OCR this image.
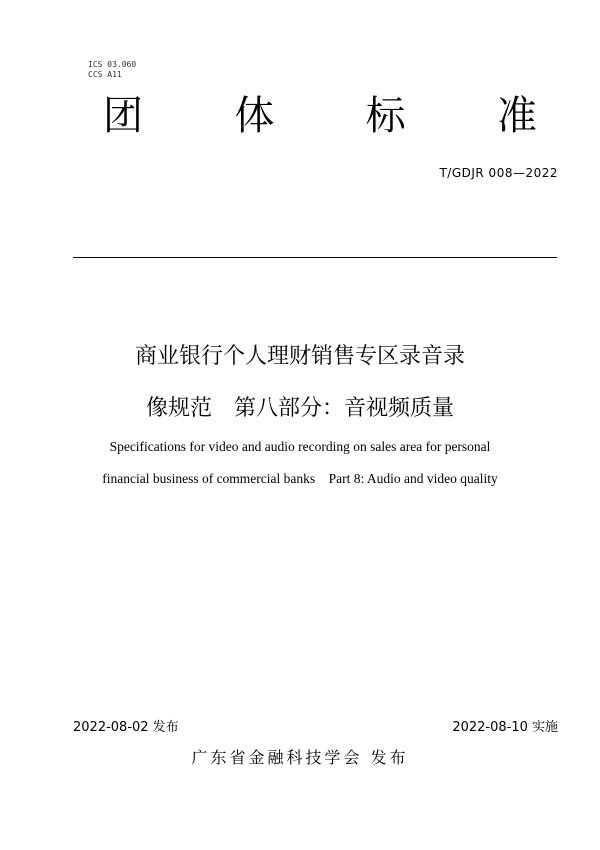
ICS 03.060
CCS A11
团 体 标 准
T/GDJR 008—2022
商业银行个人理财销售专区录音录
像规范　第八部分：音视频质量
Specifications for video and audio recording on sales area for personal
financial business of commercial banks　Part 8: Audio and video quality
2022-08-02 发布	2022-08-10 实施
广东省金融科技学会 发布
